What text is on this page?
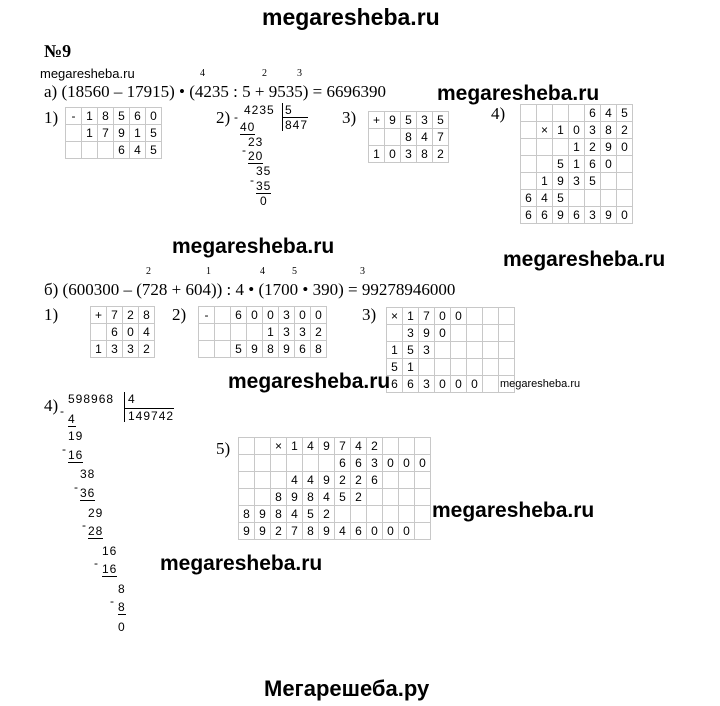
megaresheba.ru
№9
megaresheba.ru	4	2	3
а) (18560 – 17915) • (4235 : 5 + 9535) = 6696390 megaresheba.ru
1)	2)	3)	4)
-	1	8	5	6	0
	1	7	9	1	5
			6	4	5
4235 5
847
-
40
23
- 20
35
- 35
0
+	9	5	3	5
		8	4	7
1	0	3	8	2
				6	4	5
	×	1	0	3	8	2
			1	2	9	0
		5	1	6	0	
	1	9	3	5		
6	4	5				
6	6	9	6	3	9	0
megaresheba.ru
megaresheba.ru
2	1	4	5	3
б) (600300 – (728 + 604)) : 4 • (1700 • 390) = 99278946000
1)	2)	3)
4)
5)
+	7	2	8
	6	0	4
1	3	3	2
-		6	0	0	3	0	0
				1	3	3	2
		5	9	8	9	6	8
×	1	7	0	0			
	3	9	0				
1	5	3					
5	1						
6	6	3	0	0	0		
megaresheba.ru	megaresheba.ru
598968	4
149742
-
4
19
- 16
38
- 36
29
- 28
16
- 16
8
- 8
0
		×	1	4	9	7	4	2			
						6	6	3	0	0	0
			4	4	9	2	2	6			
		8	9	8	4	5	2				
8	9	8	4	5	2						
9	9	2	7	8	9	4	6	0	0	0	
megaresheba.ru
megaresheba.ru
Мегарешеба.ру
